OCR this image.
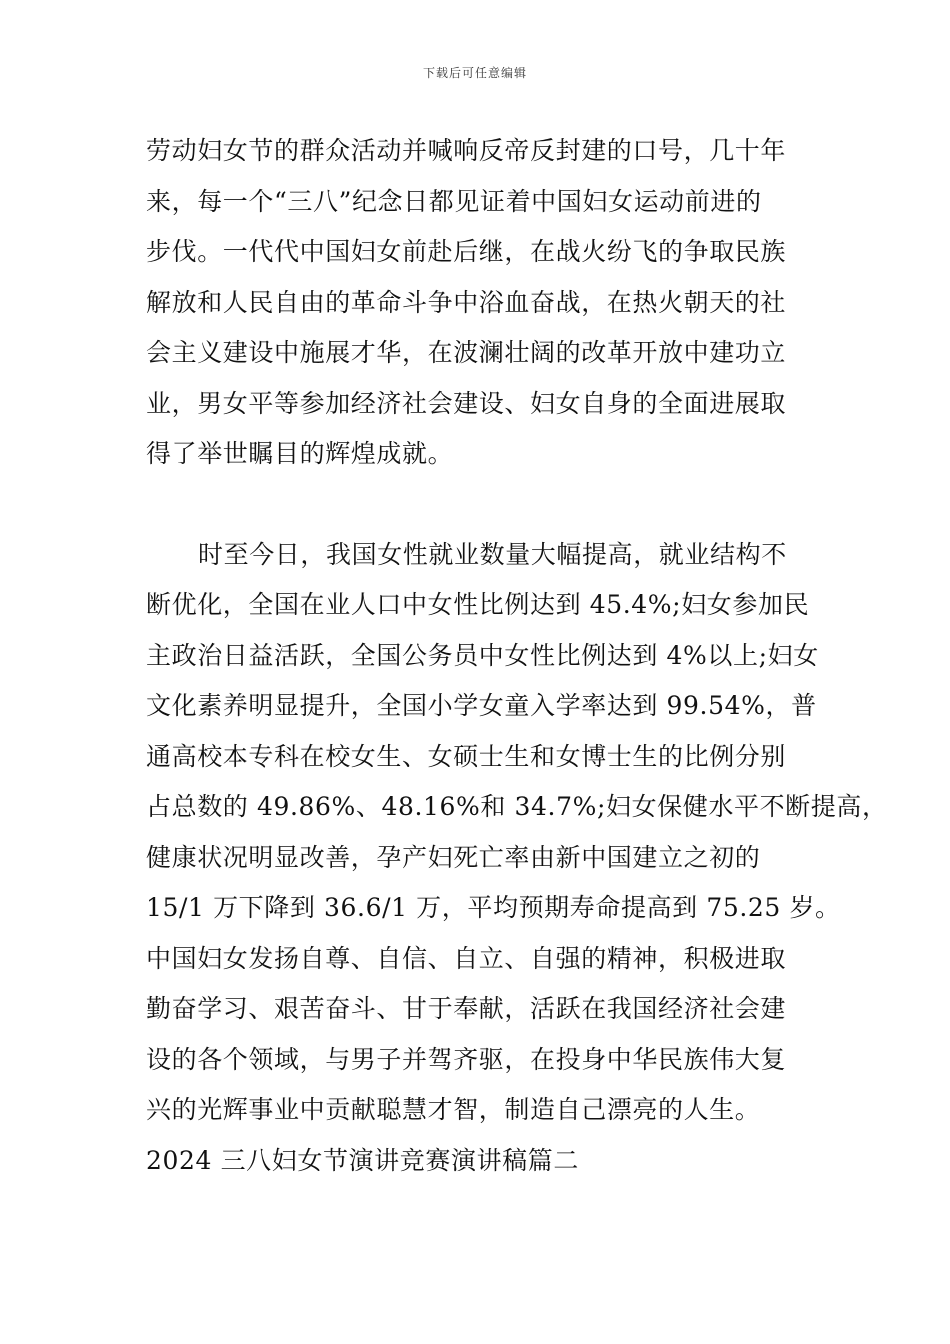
下载后可任意编辑
劳动妇女节的群众活动并喊响反帝反封建的口号，几十年
来，每一个“三八”纪念日都见证着中国妇女运动前进的
步伐。一代代中国妇女前赴后继，在战火纷飞的争取民族
解放和人民自由的革命斗争中浴血奋战，在热火朝天的社
会主义建设中施展才华，在波澜壮阔的改革开放中建功立
业，男女平等参加经济社会建设、妇女自身的全面进展取
得了举世瞩目的辉煌成就。
时至今日，我国女性就业数量大幅提高，就业结构不
断优化，全国在业人口中女性比例达到 45.4%;妇女参加民
主政治日益活跃，全国公务员中女性比例达到 4%以上;妇女
文化素养明显提升，全国小学女童入学率达到 99.54%，普
通高校本专科在校女生、女硕士生和女博士生的比例分别
占总数的 49.86%、48.16%和 34.7%;妇女保健水平不断提高，
健康状况明显改善，孕产妇死亡率由新中国建立之初的
15/1 万下降到 36.6/1 万，平均预期寿命提高到 75.25 岁。
中国妇女发扬自尊、自信、自立、自强的精神，积极进取
勤奋学习、艰苦奋斗、甘于奉献，活跃在我国经济社会建
设的各个领域，与男子并驾齐驱，在投身中华民族伟大复
兴的光辉事业中贡献聪慧才智，制造自己漂亮的人生。
2024 三八妇女节演讲竞赛演讲稿篇二
